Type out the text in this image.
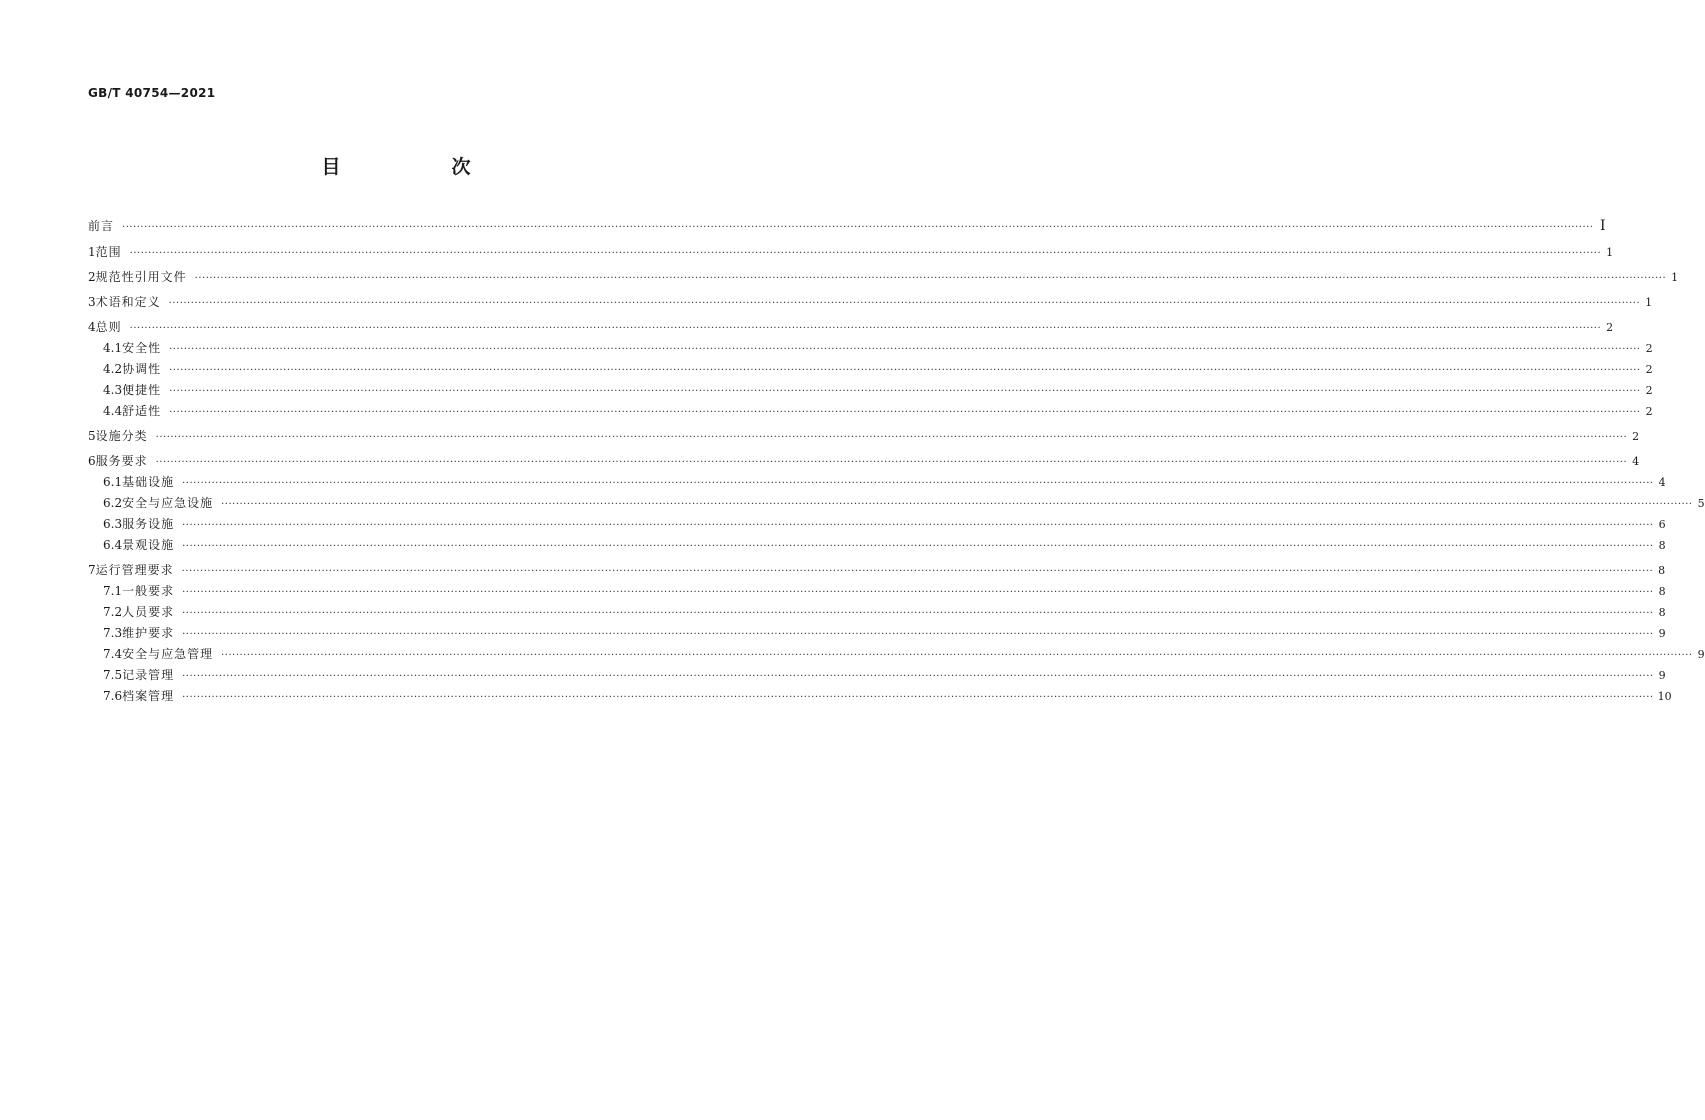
GB/T 40754—2021
目　次
前言 ················································································································································································································································································································································································································ Ⅰ
1 范围 ················································································································································································································································································································································································································ 1
2 规范性引用文件 ················································································································································································································································································································································································································ 1
3 术语和定义 ················································································································································································································································································································································································································ 1
4 总则 ················································································································································································································································································································································································································ 2
4.1 安全性 ················································································································································································································································································································································································································ 2
4.2 协调性 ················································································································································································································································································································································································································ 2
4.3 便捷性 ················································································································································································································································································································································································································ 2
4.4 舒适性 ················································································································································································································································································································································································································ 2
5 设施分类 ················································································································································································································································································································································································································ 2
6 服务要求 ················································································································································································································································································································································································································ 4
6.1 基础设施 ················································································································································································································································································································································································································ 4
6.2 安全与应急设施 ················································································································································································································································································································································································································ 5
6.3 服务设施 ················································································································································································································································································································································································································ 6
6.4 景观设施 ················································································································································································································································································································································································································ 8
7 运行管理要求 ················································································································································································································································································································································································································ 8
7.1 一般要求 ················································································································································································································································································································································································································ 8
7.2 人员要求 ················································································································································································································································································································································································································ 8
7.3 维护要求 ················································································································································································································································································································································································································ 9
7.4 安全与应急管理 ················································································································································································································································································································································································································ 9
7.5 记录管理 ················································································································································································································································································································································································································ 9
7.6 档案管理 ················································································································································································································································································································································································································ 10
